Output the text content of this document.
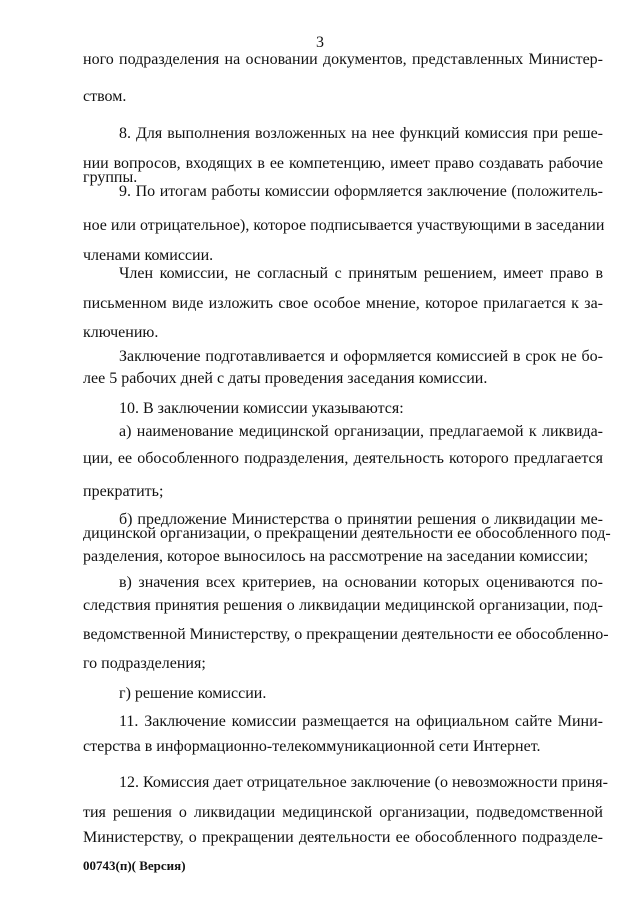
3
ного подразделения на основании документов, представленных Министер-
ством.
8. Для выполнения возложенных на нее функций комиссия при реше-
нии вопросов, входящих в ее компетенцию, имеет право создавать рабочие
группы.
9. По итогам работы комиссии оформляется заключение (положитель-
ное или отрицательное), которое подписывается участвующими в заседании
членами комиссии.
Член комиссии, не согласный с принятым решением, имеет право в
письменном виде изложить свое особое мнение, которое прилагается к за-
ключению.
Заключение подготавливается и оформляется комиссией в срок не бо-
лее 5 рабочих дней с даты проведения заседания комиссии.
10. В заключении комиссии указываются:
а) наименование медицинской организации, предлагаемой к ликвида-
ции, ее обособленного подразделения, деятельность которого предлагается
прекратить;
б) предложение Министерства о принятии решения о ликвидации ме-
дицинской организации, о прекращении деятельности ее обособленного под-
разделения, которое выносилось на рассмотрение на заседании комиссии;
в) значения всех критериев, на основании которых оцениваются по-
следствия принятия решения о ликвидации медицинской организации, под-
ведомственной Министерству, о прекращении деятельности ее обособленно-
го подразделения;
г) решение комиссии.
11. Заключение комиссии размещается на официальном сайте Мини-
стерства в информационно-телекоммуникационной сети Интернет.
12. Комиссия дает отрицательное заключение (о невозможности приня-
тия решения о ликвидации медицинской организации, подведомственной
Министерству, о прекращении деятельности ее обособленного подразделе-
00743(п)( Версия)
